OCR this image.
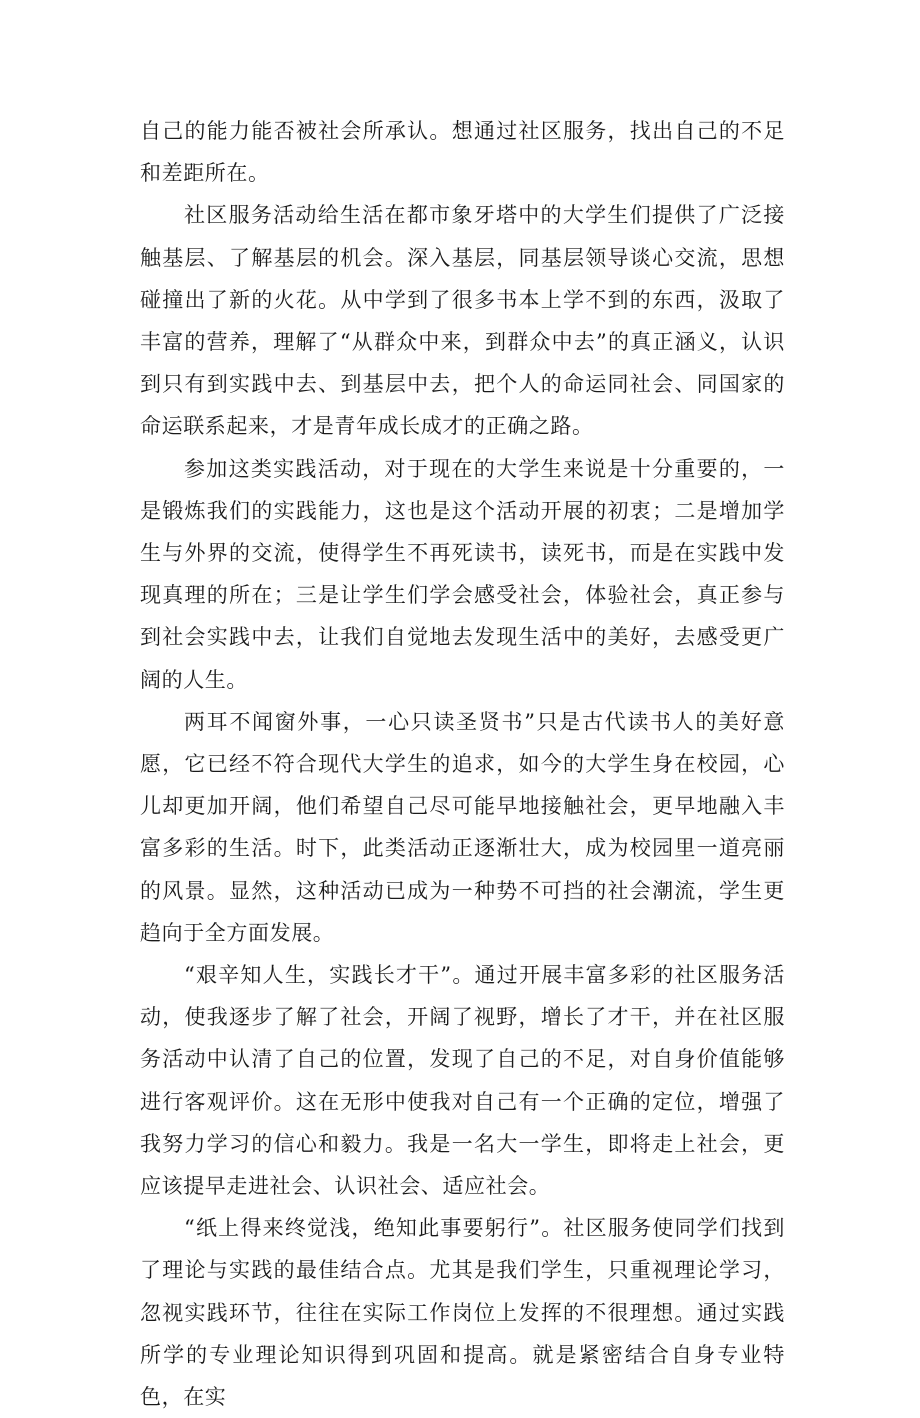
自己的能力能否被社会所承认。想通过社区服务，找出自己的不足和差距所在。

社区服务活动给生活在都市象牙塔中的大学生们提供了广泛接触基层、了解基层的机会。深入基层，同基层领导谈心交流，思想碰撞出了新的火花。从中学到了很多书本上学不到的东西，汲取了丰富的营养，理解了“从群众中来，到群众中去”的真正涵义，认识到只有到实践中去、到基层中去，把个人的命运同社会、同国家的命运联系起来，才是青年成长成才的正确之路。

参加这类实践活动，对于现在的大学生来说是十分重要的，一是锻炼我们的实践能力，这也是这个活动开展的初衷；二是增加学生与外界的交流，使得学生不再死读书，读死书，而是在实践中发现真理的所在；三是让学生们学会感受社会，体验社会，真正参与到社会实践中去，让我们自觉地去发现生活中的美好，去感受更广阔的人生。

两耳不闻窗外事，一心只读圣贤书”只是古代读书人的美好意愿，它已经不符合现代大学生的追求，如今的大学生身在校园，心儿却更加开阔，他们希望自己尽可能早地接触社会，更早地融入丰富多彩的生活。时下，此类活动正逐渐壮大，成为校园里一道亮丽的风景。显然，这种活动已成为一种势不可挡的社会潮流，学生更趋向于全方面发展。

“艰辛知人生，实践长才干”。通过开展丰富多彩的社区服务活动，使我逐步了解了社会，开阔了视野，增长了才干，并在社区服务活动中认清了自己的位置，发现了自己的不足，对自身价值能够进行客观评价。这在无形中使我对自己有一个正确的定位，增强了我努力学习的信心和毅力。我是一名大一学生，即将走上社会，更应该提早走进社会、认识社会、适应社会。

“纸上得来终觉浅，绝知此事要躬行”。社区服务使同学们找到了理论与实践的最佳结合点。尤其是我们学生，只重视理论学习，忽视实践环节，往往在实际工作岗位上发挥的不很理想。通过实践所学的专业理论知识得到巩固和提高。就是紧密结合自身专业特色，在实
